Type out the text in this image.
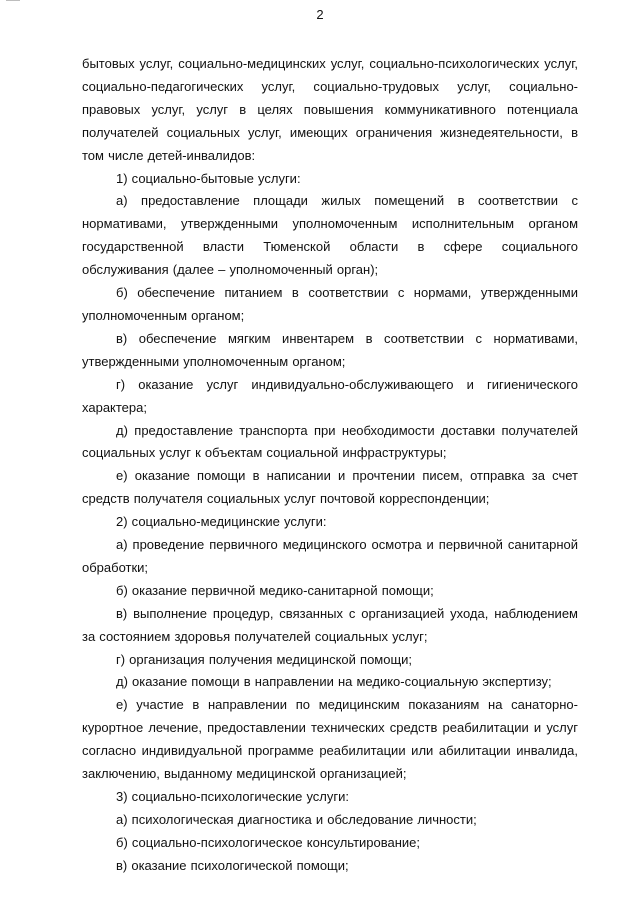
2

бытовых услуг, социально-медицинских услуг, социально-психологических услуг, социально-педагогических услуг, социально-трудовых услуг, социально-правовых услуг, услуг в целях повышения коммуникативного потенциала получателей социальных услуг, имеющих ограничения жизнедеятельности, в том числе детей-инвалидов:

1) социально-бытовые услуги:

а) предоставление площади жилых помещений в соответствии с нормативами, утвержденными уполномоченным исполнительным органом государственной власти Тюменской области в сфере социального обслуживания (далее – уполномоченный орган);

б) обеспечение питанием в соответствии с нормами, утвержденными уполномоченным органом;

в) обеспечение мягким инвентарем в соответствии с нормативами, утвержденными уполномоченным органом;

г) оказание услуг индивидуально-обслуживающего и гигиенического характера;

д) предоставление транспорта при необходимости доставки получателей социальных услуг к объектам социальной инфраструктуры;

е) оказание помощи в написании и прочтении писем, отправка за счет средств получателя социальных услуг почтовой корреспонденции;

2) социально-медицинские услуги:

а) проведение первичного медицинского осмотра и первичной санитарной обработки;

б) оказание первичной медико-санитарной помощи;

в) выполнение процедур, связанных с организацией ухода, наблюдением за состоянием здоровья получателей социальных услуг;

г) организация получения медицинской помощи;

д) оказание помощи в направлении на медико-социальную экспертизу;

е) участие в направлении по медицинским показаниям на санаторно-курортное лечение, предоставлении технических средств реабилитации и услуг согласно индивидуальной программе реабилитации или абилитации инвалида, заключению, выданному медицинской организацией;

3) социально-психологические услуги:

а) психологическая диагностика и обследование личности;

б) социально-психологическое консультирование;

в) оказание психологической помощи;
